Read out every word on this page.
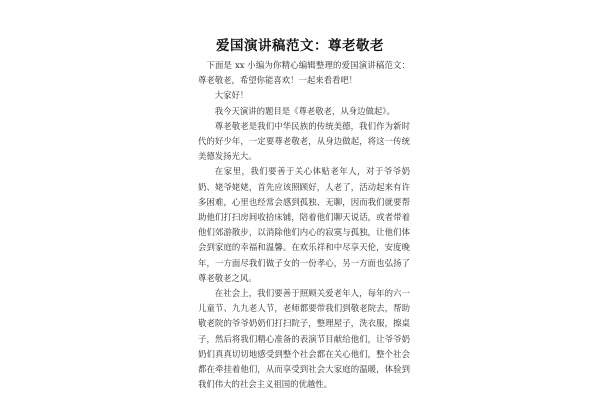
爱国演讲稿范文：尊老敬老

下面是 xx 小编为你精心编辑整理的爱国演讲稿范文：尊老敬老，希望你能喜欢！一起来看看吧！

大家好！

我今天演讲的题目是《尊老敬老，从身边做起》。

尊老敬老是我们中华民族的传统美德，我们作为新时代的好少年，一定要尊老敬老，从身边做起，将这一传统美德发扬光大。

在家里，我们要善于关心体贴老年人，对于爷爷奶奶、姥爷姥姥，首先应该照顾好，人老了，活动起来有许多困难，心里也经常会感到孤独、无聊，因而我们就要帮助他们打扫房间收拾床铺，陪着他们聊天说话，或者带着他们郊游散步，以消除他们内心的寂寞与孤独，让他们体会到家庭的幸福和温馨。在欢乐祥和中尽享天伦，安度晚年，一方面尽我们做子女的一份孝心，另一方面也弘扬了尊老敬老之风。

在社会上，我们要善于照顾关爱老年人，每年的六一儿童节、九九老人节，老师都要带我们到敬老院去，帮助敬老院的爷爷奶奶们打扫院子，整理屋子，洗衣服，擦桌子，然后将我们精心准备的表演节目献给他们，让爷爷奶奶们真真切切地感受到整个社会都在关心他们，整个社会都在牵挂着他们，从而享受到社会大家庭的温暖，体验到我们伟大的社会主义祖国的优越性。
